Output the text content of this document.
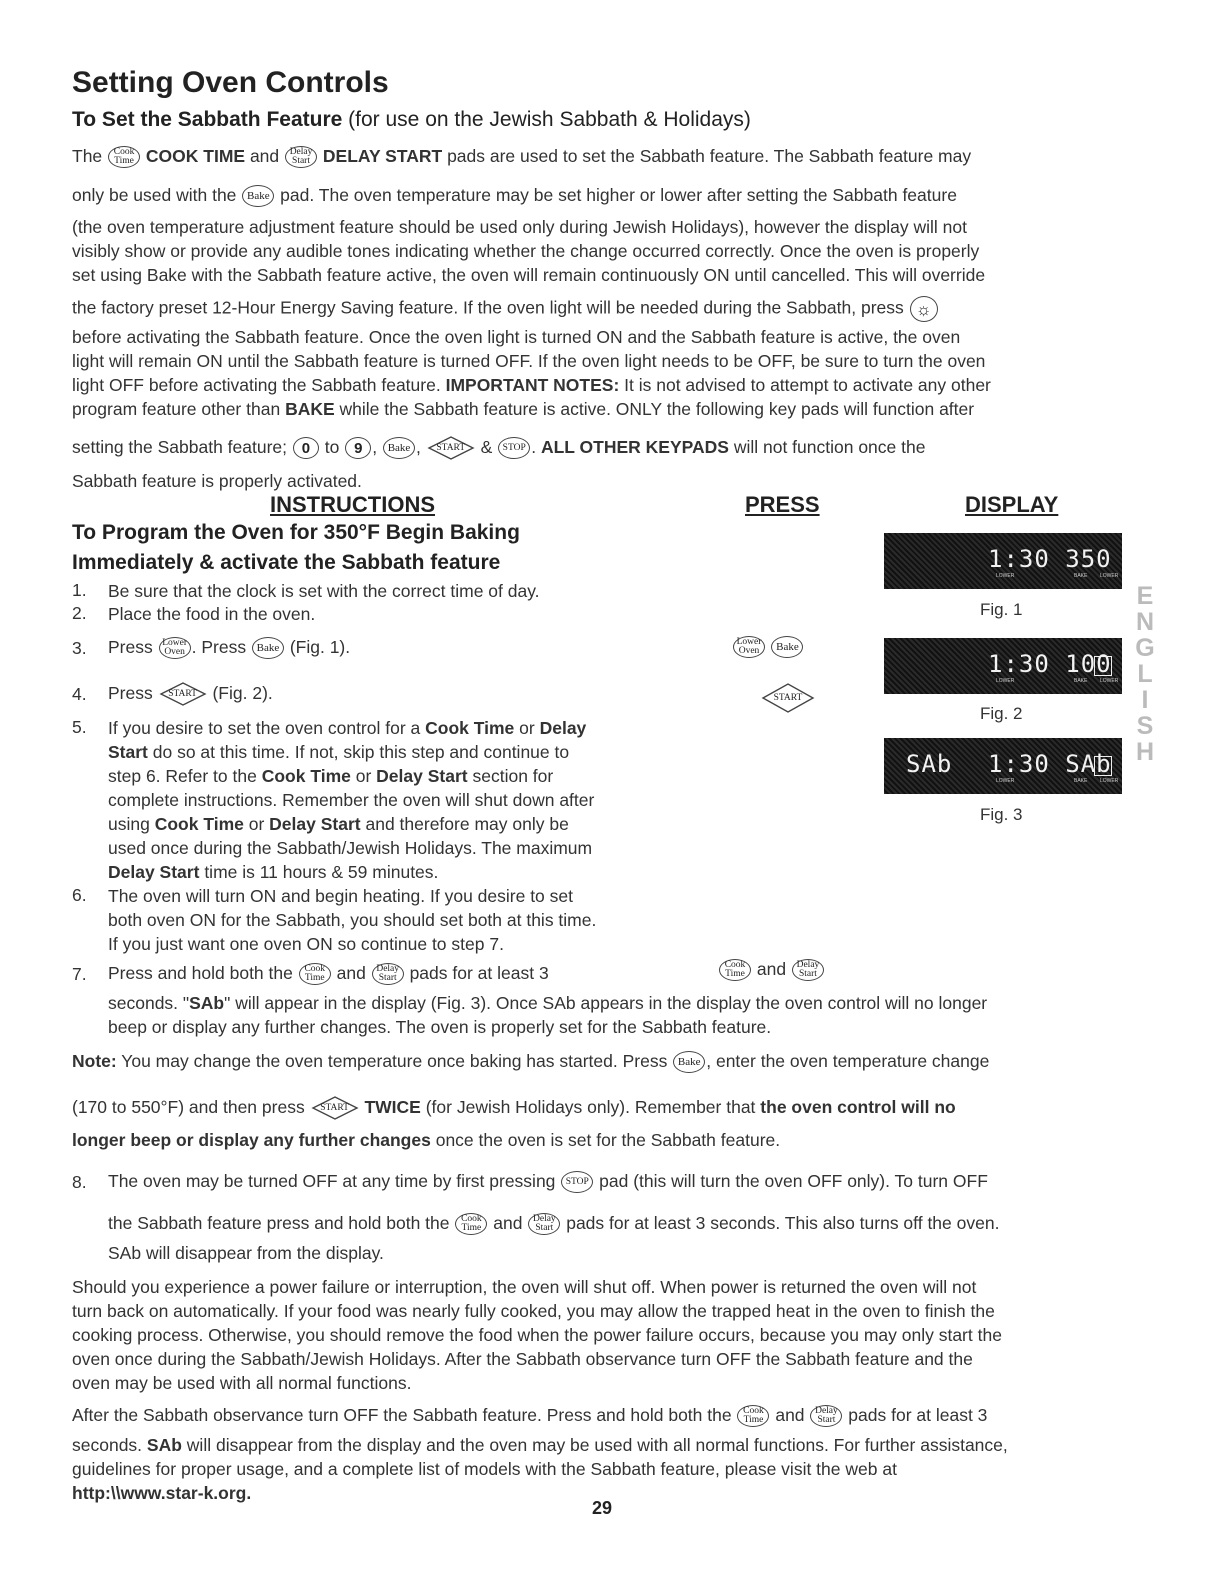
Setting Oven Controls
To Set the Sabbath Feature (for use on the Jewish Sabbath & Holidays)
The Cook
Time COOK TIME and Delay
Start DELAY START pads are used to set the Sabbath feature. The Sabbath feature may
only be used with the Bake pad. The oven temperature may be set higher or lower after setting the Sabbath feature
(the oven temperature adjustment feature should be used only during Jewish Holidays), however the display will not
visibly show or provide any audible tones indicating whether the change occurred correctly. Once the oven is properly
set using Bake with the Sabbath feature active, the oven will remain continuously ON until cancelled. This will override
the factory preset 12-Hour Energy Saving feature. If the oven light will be needed during the Sabbath, press ☼
before activating the Sabbath feature. Once the oven light is turned ON and the Sabbath feature is active, the oven
light will remain ON until the Sabbath feature is turned OFF. If the oven light needs to be OFF, be sure to turn the oven
light OFF before activating the Sabbath feature. IMPORTANT NOTES: It is not advised to attempt to activate any other
program feature other than BAKE while the Sabbath feature is active. ONLY the following key pads will function after
setting the Sabbath feature; 0 to 9 , Bake , START & STOP . ALL OTHER KEYPADS will not function once the
Sabbath feature is properly activated.
INSTRUCTIONS	PRESS	DISPLAY
To Program the Oven for 350°F Begin Baking
Immediately & activate the Sabbath feature
1. Be sure that the clock is set with the correct time of day.
2. Place the food in the oven.
3. Press Lower
Oven . Press Bake (Fig. 1).
4. Press START (Fig. 2).
5. If you desire to set the oven control for a Cook Time or Delay
Start do so at this time. If not, skip this step and continue to
step 6. Refer to the Cook Time or Delay Start section for
complete instructions. Remember the oven will shut down after
using Cook Time or Delay Start and therefore may only be
used once during the Sabbath/Jewish Holidays. The maximum
Delay Start time is 11 hours & 59 minutes.
6. The oven will turn ON and begin heating. If you desire to set
both oven ON for the Sabbath, you should set both at this time.
If you just want one oven ON so continue to step 7.
7. Press and hold both the Cook
Time and Delay
Start pads for at least 3
seconds. "SAb" will appear in the display (Fig. 3). Once SAb appears in the display the oven control will no longer
beep or display any further changes. The oven is properly set for the Sabbath feature.
Lower
Oven Bake
START
Cook
Time and Delay
Start
1:30 350
LOWER	BAKE	LOWER
Fig. 1
1:30 100
LOWER	BAKE	LOWER
Fig. 2
SAb 1:30 SAb
LOWER	BAKE	LOWER
Fig. 3
E
N
G
L
I
S
H
Note: You may change the oven temperature once baking has started. Press Bake , enter the oven temperature change
(170 to 550°F) and then press START TWICE (for Jewish Holidays only). Remember that the oven control will no
longer beep or display any further changes once the oven is set for the Sabbath feature.
8. The oven may be turned OFF at any time by first pressing STOP pad (this will turn the oven OFF only). To turn OFF
the Sabbath feature press and hold both the Cook
Time and Delay
Start pads for at least 3 seconds. This also turns off the oven.
SAb will disappear from the display.
Should you experience a power failure or interruption, the oven will shut off. When power is returned the oven will not
turn back on automatically. If your food was nearly fully cooked, you may allow the trapped heat in the oven to finish the
cooking process. Otherwise, you should remove the food when the power failure occurs, because you may only start the
oven once during the Sabbath/Jewish Holidays. After the Sabbath observance turn OFF the Sabbath feature and the
oven may be used with all normal functions.
After the Sabbath observance turn OFF the Sabbath feature. Press and hold both the Cook
Time and Delay
Start pads for at least 3
seconds. SAb will disappear from the display and the oven may be used with all normal functions. For further assistance,
guidelines for proper usage, and a complete list of models with the Sabbath feature, please visit the web at
http:\\www.star-k.org.
29
